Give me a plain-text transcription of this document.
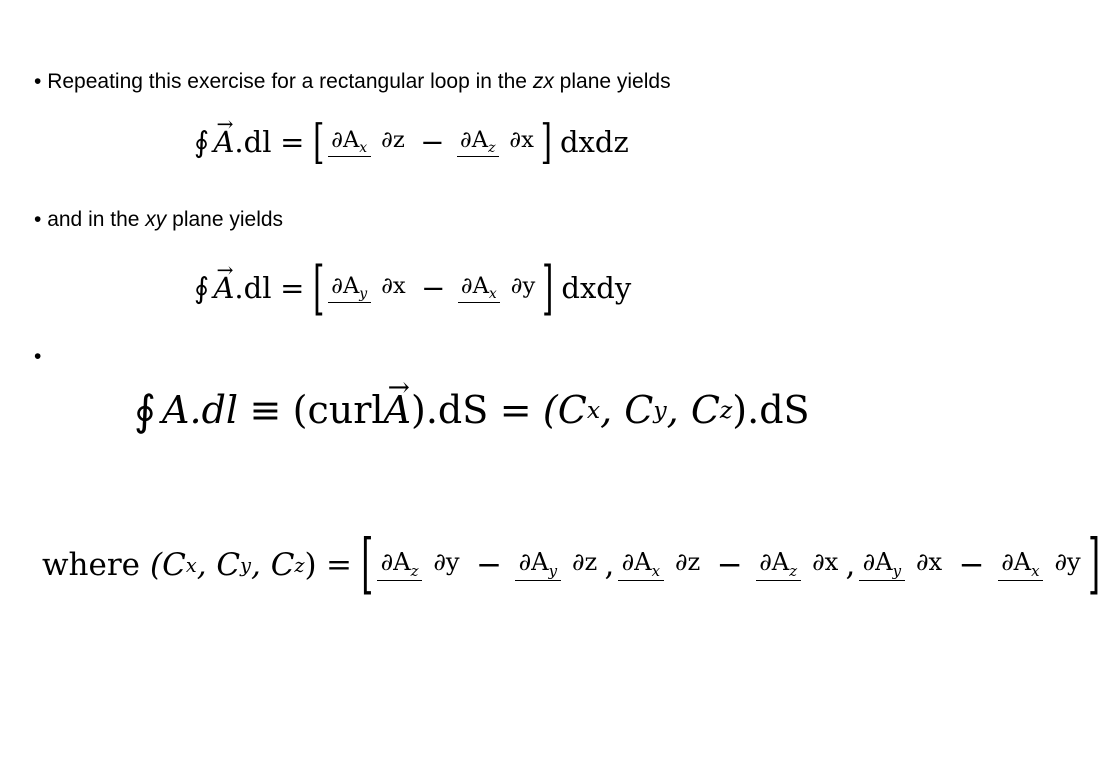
• Repeating this exercise for a rectangular loop in the zx plane yields
∮ → A .dl = [ ∂Ax ∂z − ∂Az ∂x ] dxdz
• and in the xy plane yields
∮ → A .dl = [ ∂Ay ∂x − ∂Ax ∂y ] dxdy
•
∮ A.dl ≡ (curl → A ).dS = (C x , C y , C z ).dS
where (C x , C y , C z ) = [ ∂Az ∂y − ∂Ay ∂z , ∂Ax ∂z − ∂Az ∂x , ∂Ay ∂x − ∂Ax ∂y ]
